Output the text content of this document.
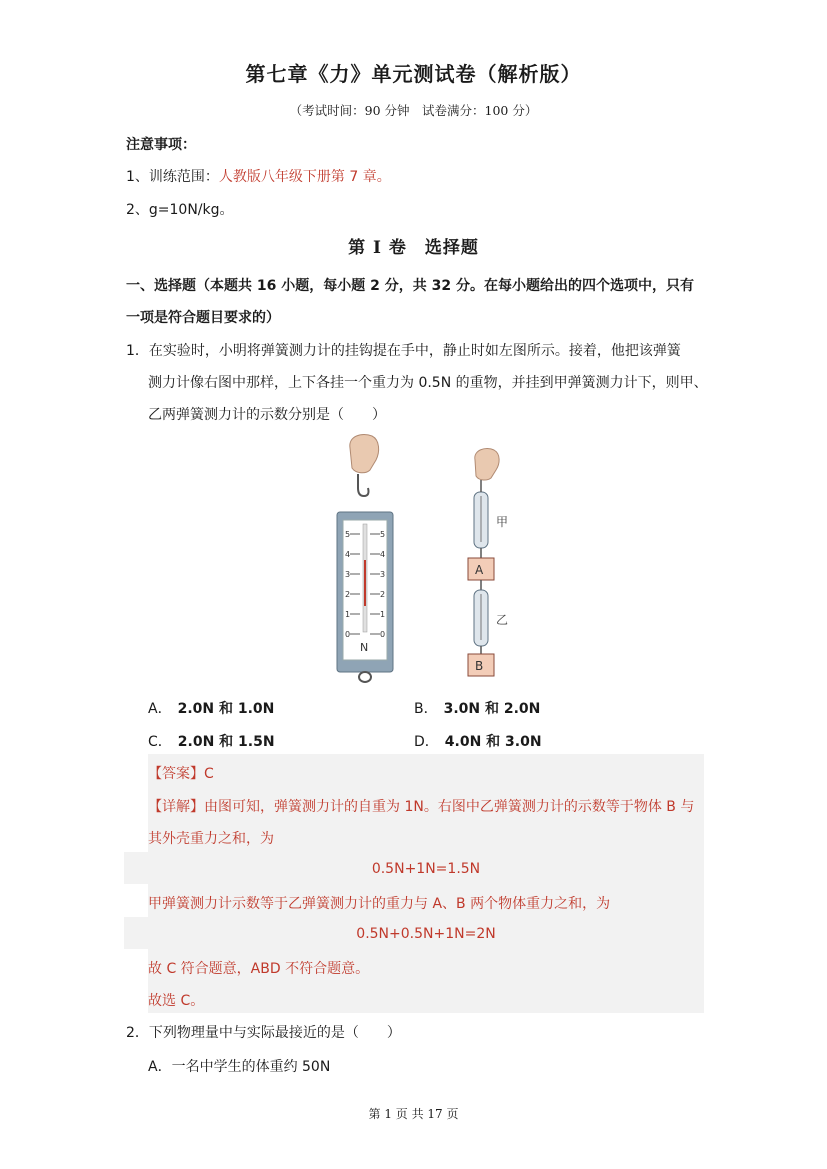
第七章《力》单元测试卷（解析版）
（考试时间：90 分钟　试卷满分：100 分）
注意事项：
1、训练范围：人教版八年级下册第 7 章。
2、g=10N/kg。
第 I 卷　选择题
一、选择题（本题共 16 小题，每小题 2 分，共 32 分。在每小题给出的四个选项中，只有
一项是符合题目要求的）
1．在实验时，小明将弹簧测力计的挂钩提在手中，静止时如左图所示。接着，他把该弹簧
测力计像右图中那样，上下各挂一个重力为 0.5N 的重物，并挂到甲弹簧测力计下，则甲、
乙两弹簧测力计的示数分别是（　　）
0
1
2
3
4
5
0
1
2
3
4
5
N
甲
A
乙
B
A． 2.0N 和 1.0N	B． 3.0N 和 2.0N
C． 2.0N 和 1.5N	D． 4.0N 和 3.0N
【答案】C
【详解】由图可知，弹簧测力计的自重为 1N。右图中乙弹簧测力计的示数等于物体 B 与
其外壳重力之和，为
0.5N+1N=1.5N
甲弹簧测力计示数等于乙弹簧测力计的重力与 A、B 两个物体重力之和，为
0.5N+0.5N+1N=2N
故 C 符合题意，ABD 不符合题意。
故选 C。
2．下列物理量中与实际最接近的是（　　）
A．一名中学生的体重约 50N
第 1 页 共 17 页
